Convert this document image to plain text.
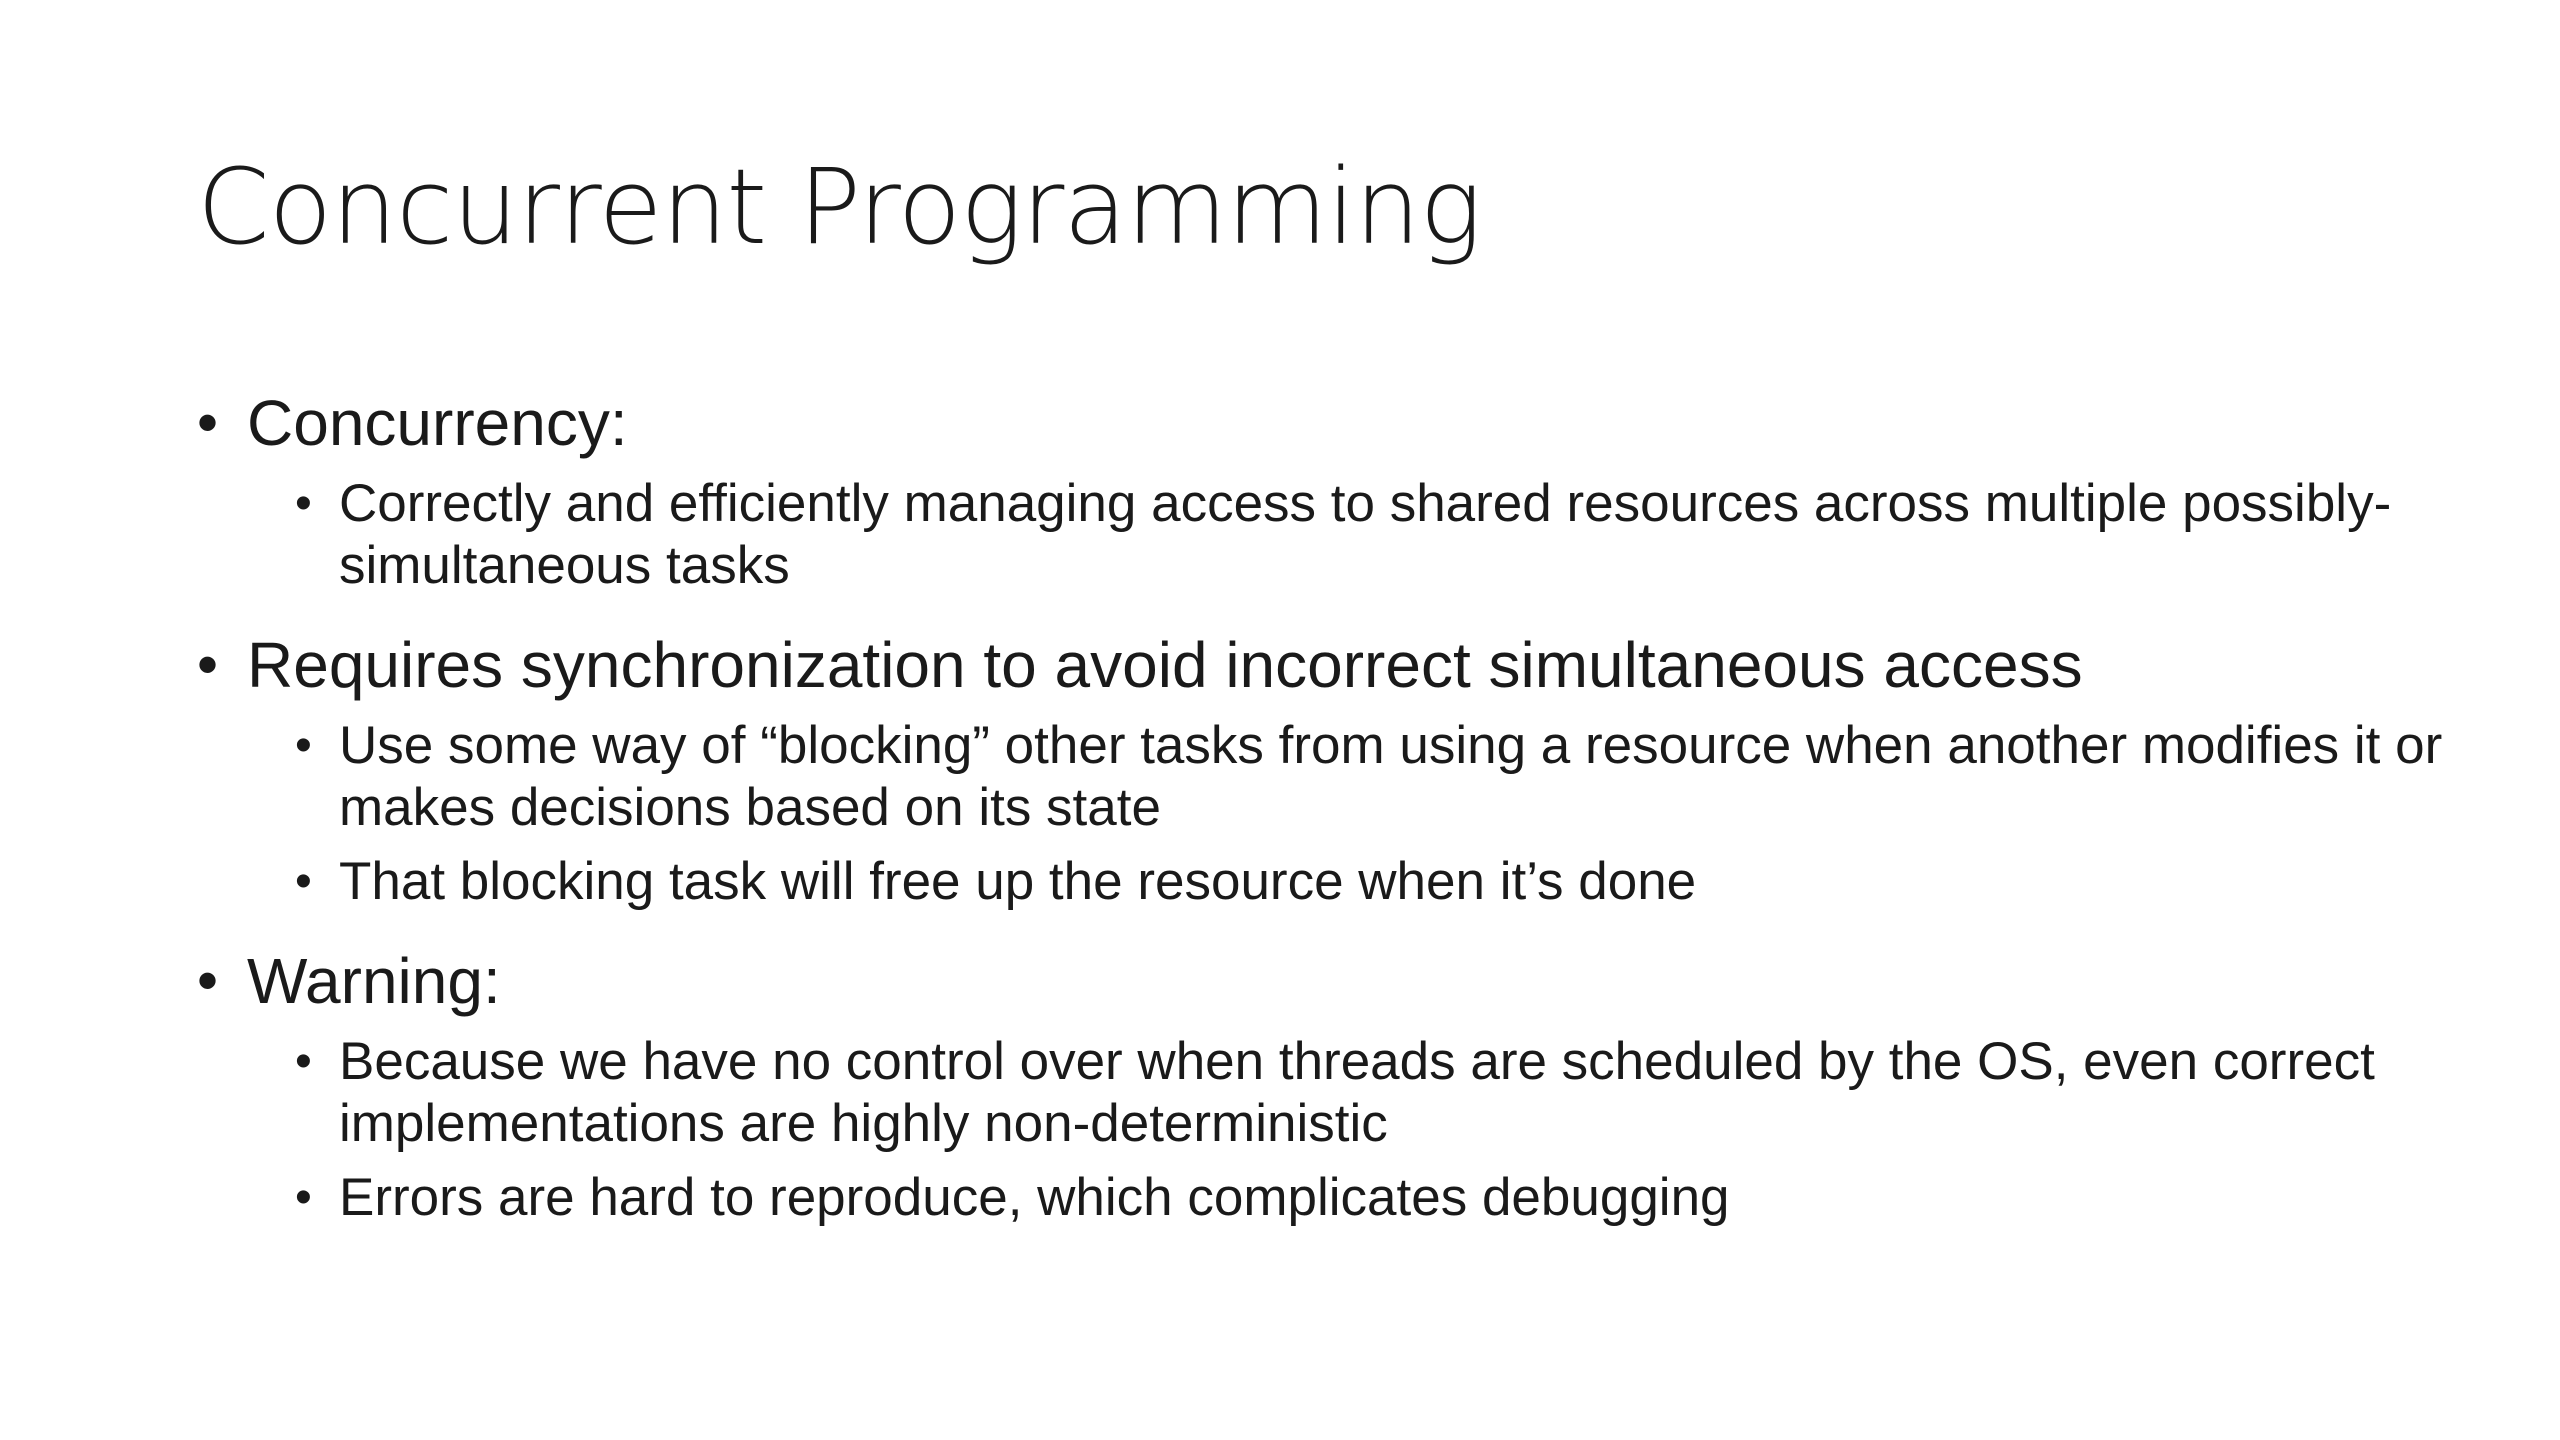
Concurrent Programming
• Concurrency:
• Correctly and efficiently managing access to shared resources across multiple possibly-simultaneous tasks
• Requires synchronization to avoid incorrect simultaneous access
• Use some way of “blocking” other tasks from using a resource when another modifies it or makes decisions based on its state
• That blocking task will free up the resource when it’s done
• Warning:
• Because we have no control over when threads are scheduled by the OS, even correct implementations are highly non-deterministic
• Errors are hard to reproduce, which complicates debugging
